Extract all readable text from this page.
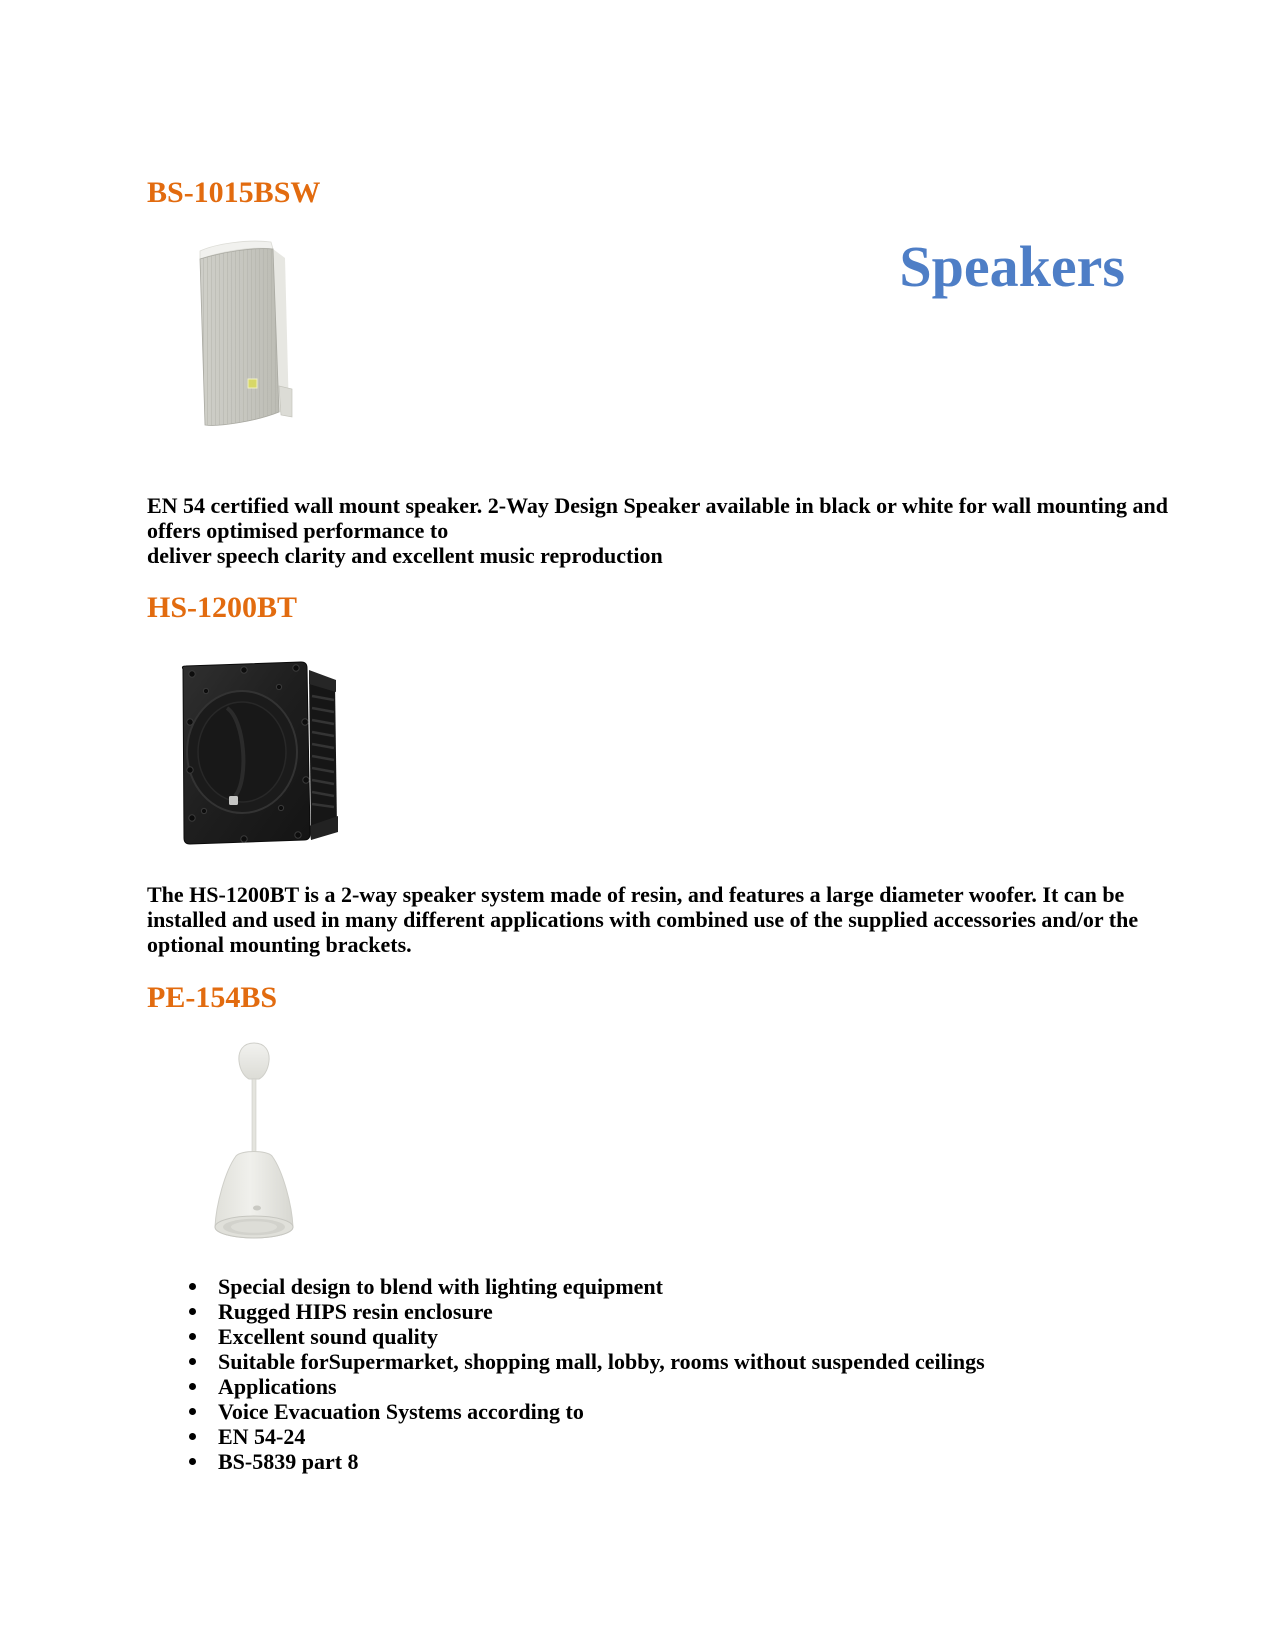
BS-1015BSW
Speakers
EN 54 certified wall mount speaker. 2-Way Design Speaker available in black or white for wall mounting and
offers optimised performance to
deliver speech clarity and excellent music reproduction
HS-1200BT
The HS-1200BT is a 2-way speaker system made of resin, and features a large diameter woofer. It can be
installed and used in many different applications with combined use of the supplied accessories and/or the
optional mounting brackets.
PE-154BS
Special design to blend with lighting equipment
Rugged HIPS resin enclosure
Excellent sound quality
Suitable forSupermarket, shopping mall, lobby, rooms without suspended ceilings
Applications
Voice Evacuation Systems according to
EN 54-24
BS-5839 part 8
